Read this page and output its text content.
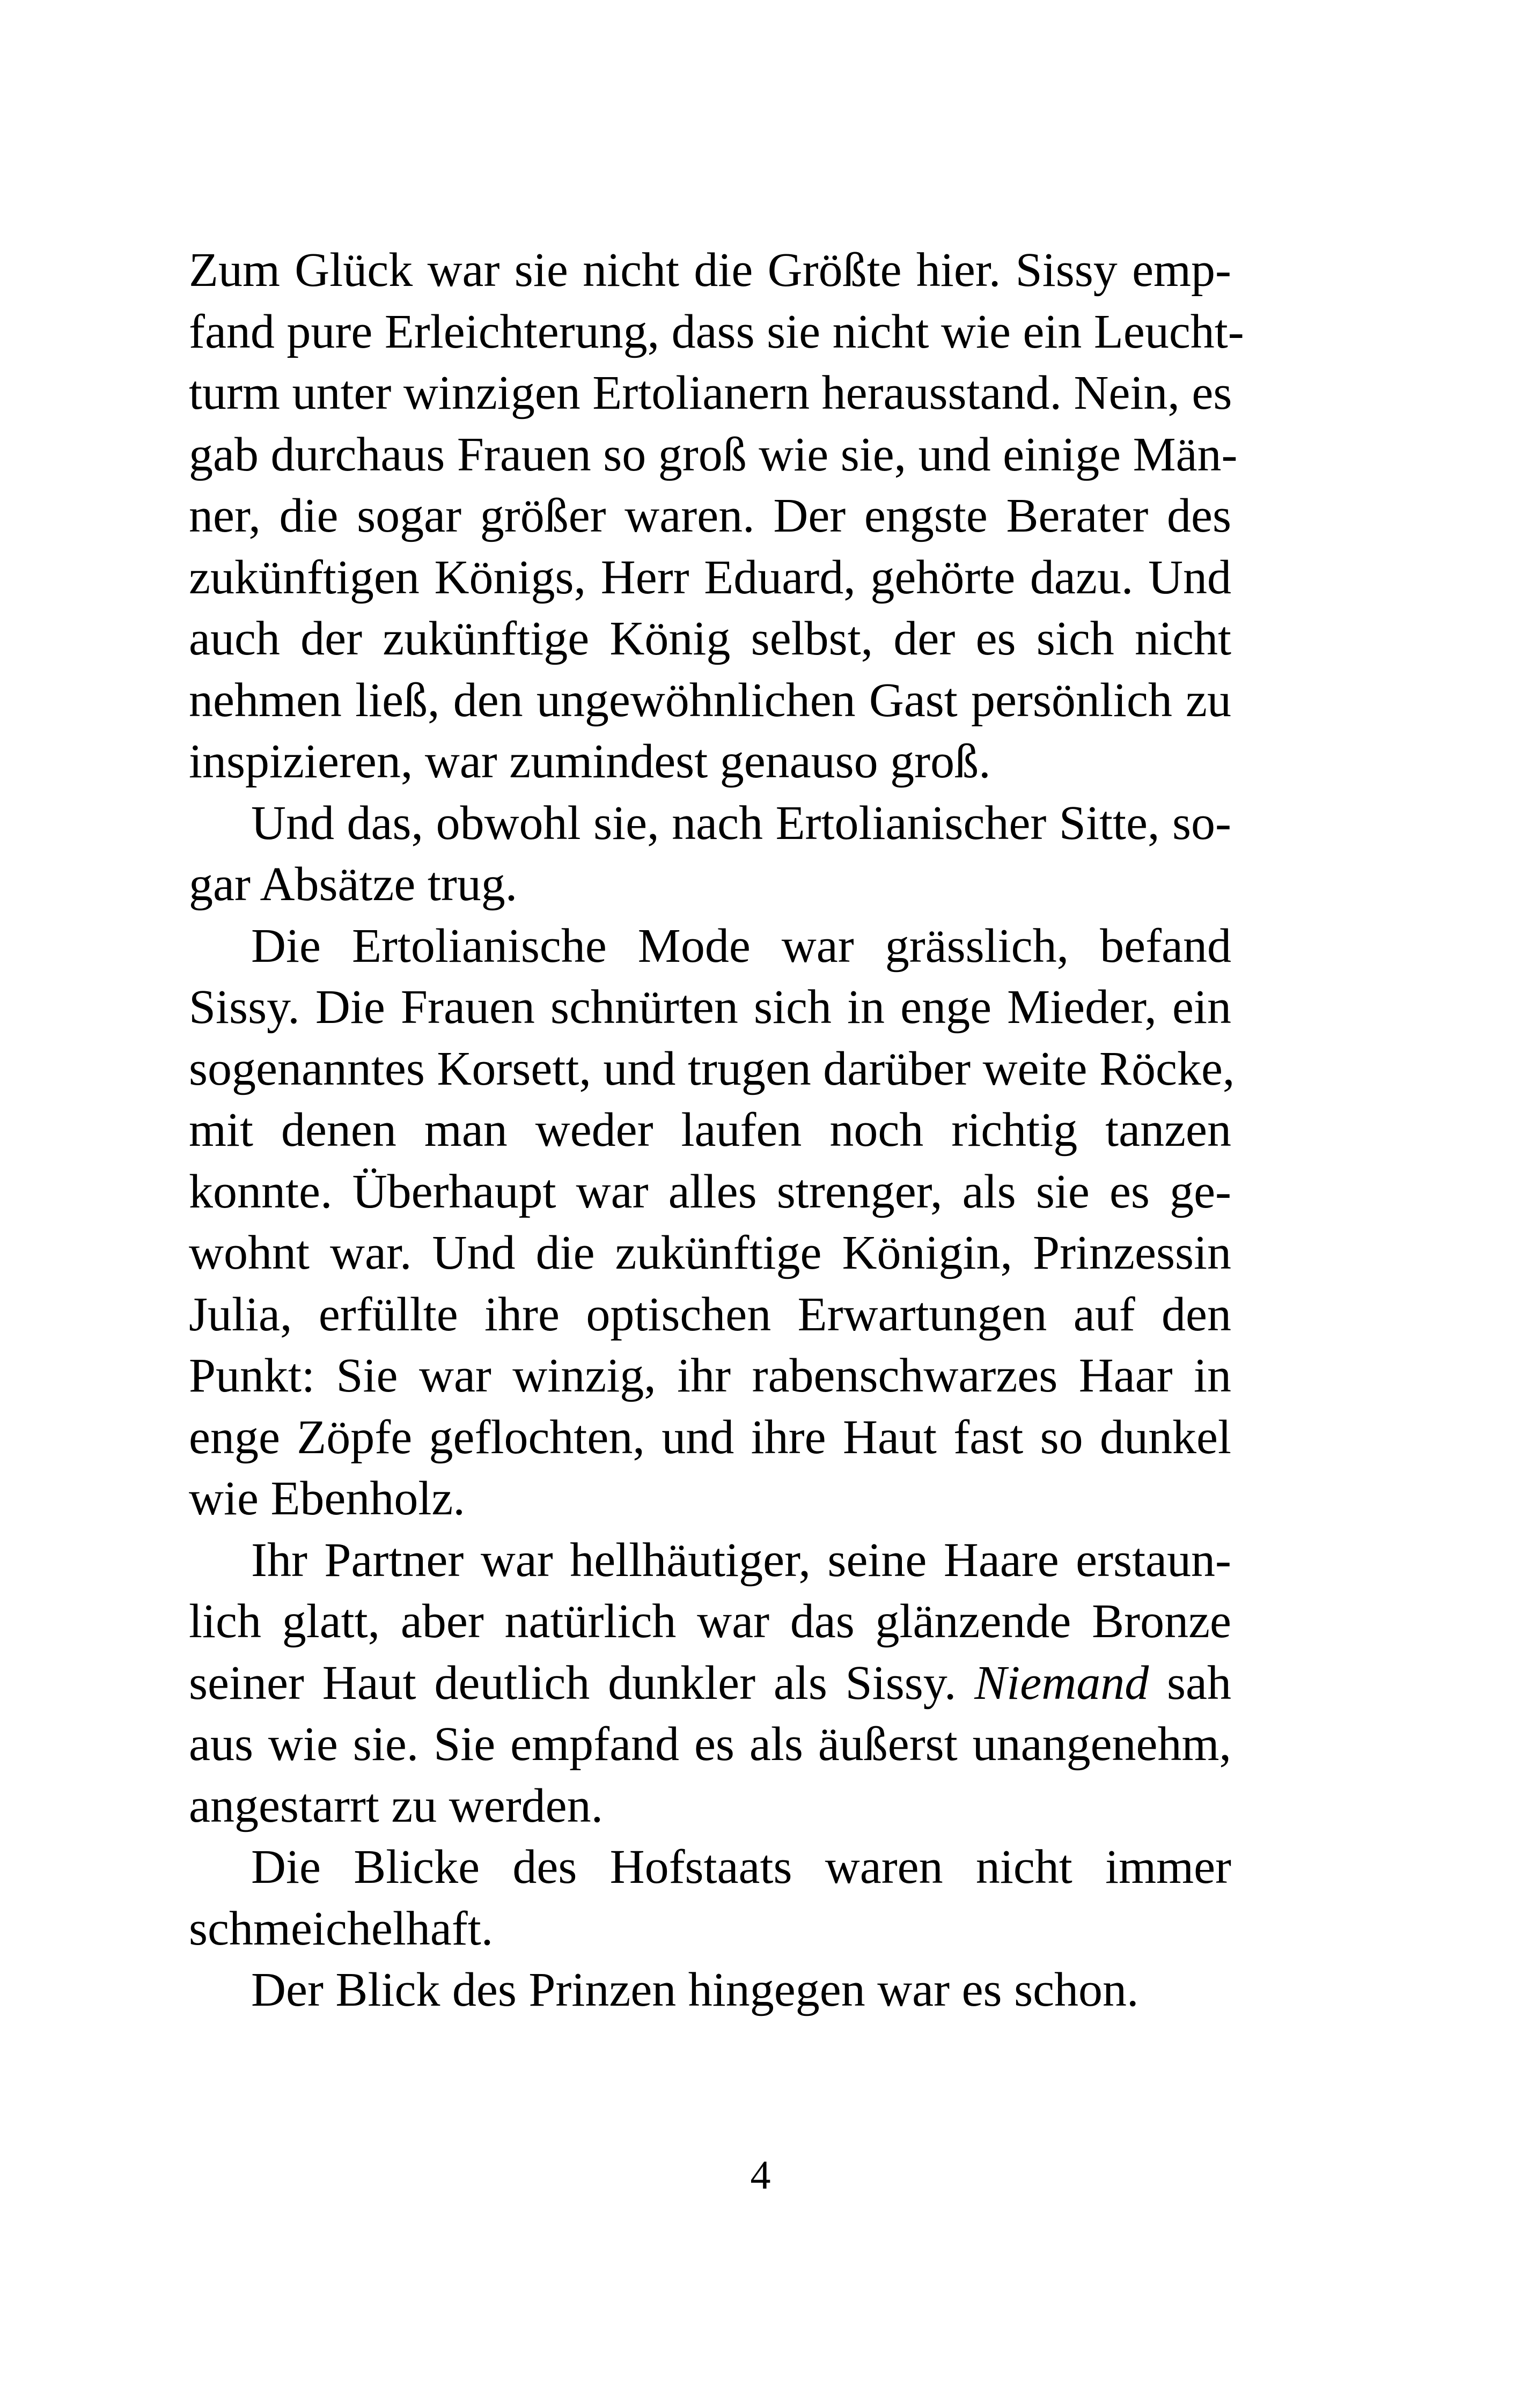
Zum Glück war sie nicht die Größte hier. Sissy emp-
fand pure Erleichterung, dass sie nicht wie ein Leucht-
turm unter winzigen Ertolianern herausstand. Nein, es
gab durchaus Frauen so groß wie sie, und einige Män-
ner, die sogar größer waren. Der engste Berater des
zukünftigen Königs, Herr Eduard, gehörte dazu. Und
auch der zukünftige König selbst, der es sich nicht
nehmen ließ, den ungewöhnlichen Gast persönlich zu
inspizieren, war zumindest genauso groß.
Und das, obwohl sie, nach Ertolianischer Sitte, so-
gar Absätze trug.
Die Ertolianische Mode war grässlich, befand
Sissy. Die Frauen schnürten sich in enge Mieder, ein
sogenanntes Korsett, und trugen darüber weite Röcke,
mit denen man weder laufen noch richtig tanzen
konnte. Überhaupt war alles strenger, als sie es ge-
wohnt war. Und die zukünftige Königin, Prinzessin
Julia, erfüllte ihre optischen Erwartungen auf den
Punkt: Sie war winzig, ihr rabenschwarzes Haar in
enge Zöpfe geflochten, und ihre Haut fast so dunkel
wie Ebenholz.
Ihr Partner war hellhäutiger, seine Haare erstaun-
lich glatt, aber natürlich war das glänzende Bronze
seiner Haut deutlich dunkler als Sissy. Niemand sah
aus wie sie. Sie empfand es als äußerst unangenehm,
angestarrt zu werden.
Die Blicke des Hofstaats waren nicht immer
schmeichelhaft.
Der Blick des Prinzen hingegen war es schon.
4
